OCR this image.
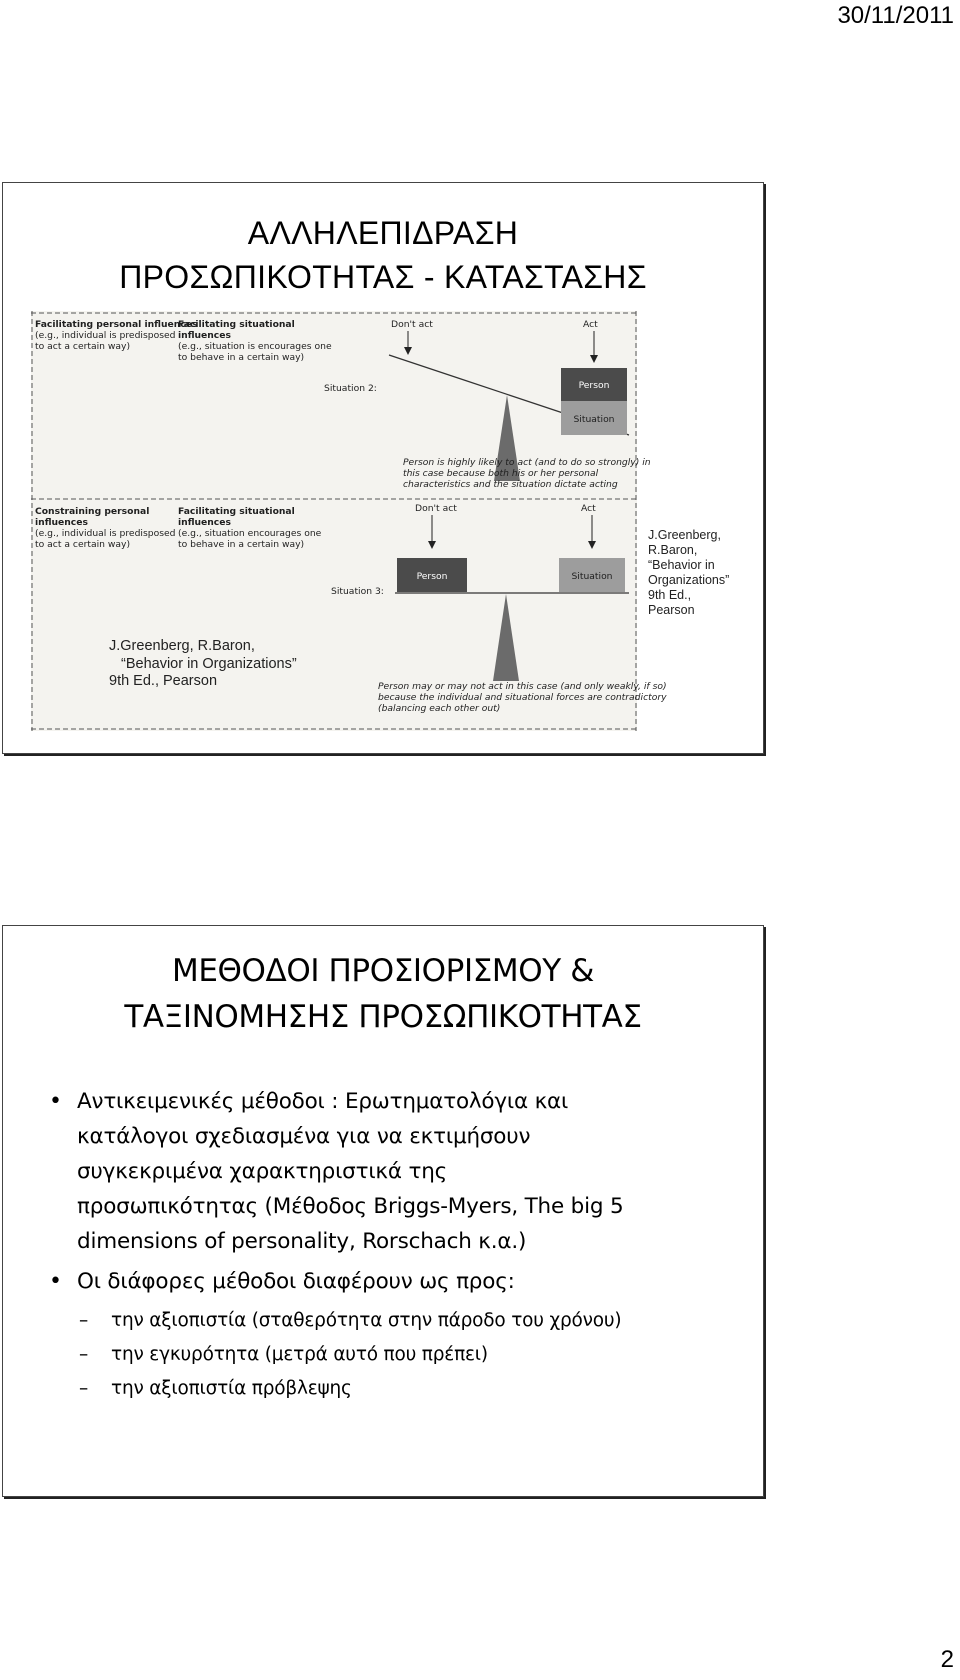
30/11/2011
ΑΛΛΗΛΕΠΙΔΡΑΣΗ
ΠΡΟΣΩΠΙΚΟΤΗΤΑΣ - ΚΑΤΑΣΤΑΣΗΣ
Facilitating personal influences
(e.g., individual is predisposed
to act a certain way)
Facilitating situational
influences
(e.g., situation is encourages one
to behave in a certain way)
Don't act	Act
Situation 2:	Person
Situation
Person is highly likely to act (and to do so strongly) in
this case because both his or her personal
characteristics and the situation dictate acting
Constraining personal
influences
(e.g., individual is predisposed
to act a certain way)
Facilitating situational
influences
(e.g., situation encourages one
to behave in a certain way)
Don't act	Act
Situation 3:
Person	Situation
Person may or may not act in this case (and only weakly, if so)
because the individual and situational forces are contradictory
(balancing each other out)
J.Greenberg,
R.Baron,
“Behavior in
Organizations”
9th Ed.,
Pearson
J.Greenberg, R.Baron,
“Behavior in Organizations”
9th Ed., Pearson
ΜΕΘΟΔΟΙ ΠΡΟΣΙΟΡΙΣΜΟΥ &
ΤΑΞΙΝΟΜΗΣΗΣ ΠΡΟΣΩΠΙΚΟΤΗΤΑΣ
• Αντικειμενικές μέθοδοι : Ερωτηματολόγια και
κατάλογοι σχεδιασμένα για να εκτιμήσουν
συγκεκριμένα χαρακτηριστικά της
προσωπικότητας (Μέθοδος Briggs-Myers, The big 5
dimensions of personality, Rorschach κ.α.)
• Οι διάφορες μέθοδοι διαφέρουν ως προς:
– την αξιοπιστία (σταθερότητα στην πάροδο του χρόνου)
– την εγκυρότητα (μετρά αυτό που πρέπει)
– την αξιοπιστία πρόβλεψης
2
